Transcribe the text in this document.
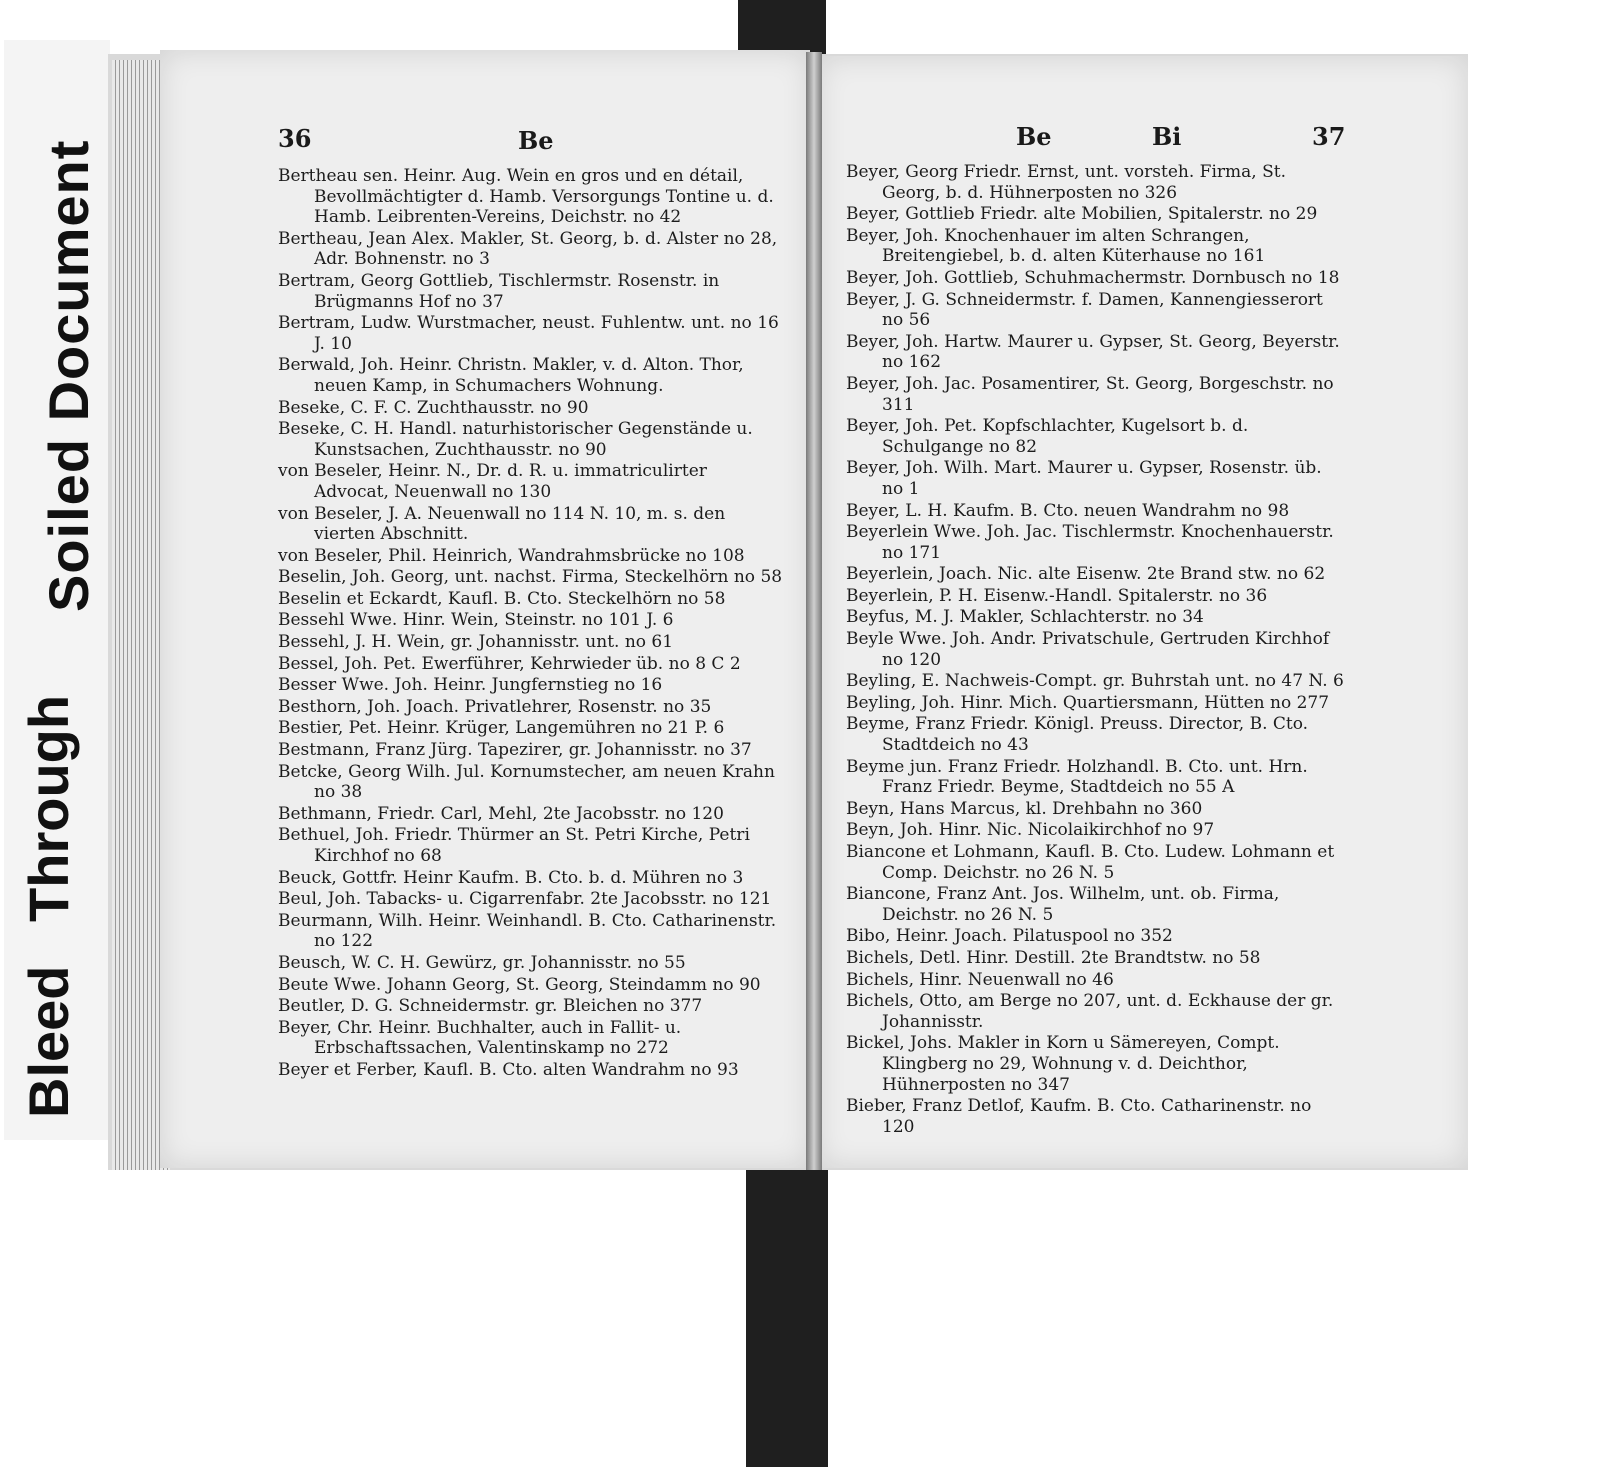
Soiled Document
Bleed Through
36	Be	Be	Bi	37
Bertheau sen. Heinr. Aug. Wein en gros und en détail, Bevollmächtigter d. Hamb. Versorgungs Tontine u. d. Hamb. Leibrenten-Vereins, Deichstr. no 42
Bertheau, Jean Alex. Makler, St. Georg, b. d. Alster no 28, Adr. Bohnenstr. no 3
Bertram, Georg Gottlieb, Tischlermstr. Rosenstr. in Brügmanns Hof no 37
Bertram, Ludw. Wurstmacher, neust. Fuhlentw. unt. no 16 J. 10
Berwald, Joh. Heinr. Christn. Makler, v. d. Alton. Thor, neuen Kamp, in Schumachers Wohnung.
Beseke, C. F. C. Zuchthausstr. no 90
Beseke, C. H. Handl. naturhistorischer Gegenstände u. Kunstsachen, Zuchthausstr. no 90
von Beseler, Heinr. N., Dr. d. R. u. immatriculirter Advocat, Neuenwall no 130
von Beseler, J. A. Neuenwall no 114 N. 10, m. s. den vierten Abschnitt.
von Beseler, Phil. Heinrich, Wandrahmsbrücke no 108
Beselin, Joh. Georg, unt. nachst. Firma, Steckelhörn no 58
Beselin et Eckardt, Kaufl. B. Cto. Steckelhörn no 58
Bessehl Wwe. Hinr. Wein, Steinstr. no 101 J. 6
Bessehl, J. H. Wein, gr. Johannisstr. unt. no 61
Bessel, Joh. Pet. Ewerführer, Kehrwieder üb. no 8 C 2
Besser Wwe. Joh. Heinr. Jungfernstieg no 16
Besthorn, Joh. Joach. Privatlehrer, Rosenstr. no 35
Bestier, Pet. Heinr. Krüger, Langemühren no 21 P. 6
Bestmann, Franz Jürg. Tapezirer, gr. Johannisstr. no 37
Betcke, Georg Wilh. Jul. Kornumstecher, am neuen Krahn no 38
Bethmann, Friedr. Carl, Mehl, 2te Jacobsstr. no 120
Bethuel, Joh. Friedr. Thürmer an St. Petri Kirche, Petri Kirchhof no 68
Beuck, Gottfr. Heinr Kaufm. B. Cto. b. d. Mühren no 3
Beul, Joh. Tabacks- u. Cigarrenfabr. 2te Jacobsstr. no 121
Beurmann, Wilh. Heinr. Weinhandl. B. Cto. Catharinenstr. no 122
Beusch, W. C. H. Gewürz, gr. Johannisstr. no 55
Beute Wwe. Johann Georg, St. Georg, Steindamm no 90
Beutler, D. G. Schneidermstr. gr. Bleichen no 377
Beyer, Chr. Heinr. Buchhalter, auch in Fallit- u. Erbschaftssachen, Valentinskamp no 272
Beyer et Ferber, Kaufl. B. Cto. alten Wandrahm no 93
Beyer, Georg Friedr. Ernst, unt. vorsteh. Firma, St. Georg, b. d. Hühnerposten no 326
Beyer, Gottlieb Friedr. alte Mobilien, Spitalerstr. no 29
Beyer, Joh. Knochenhauer im alten Schrangen, Breitengiebel, b. d. alten Küterhause no 161
Beyer, Joh. Gottlieb, Schuhmachermstr. Dornbusch no 18
Beyer, J. G. Schneidermstr. f. Damen, Kannengiesserort no 56
Beyer, Joh. Hartw. Maurer u. Gypser, St. Georg, Beyerstr. no 162
Beyer, Joh. Jac. Posamentirer, St. Georg, Borgeschstr. no 311
Beyer, Joh. Pet. Kopfschlachter, Kugelsort b. d. Schulgange no 82
Beyer, Joh. Wilh. Mart. Maurer u. Gypser, Rosenstr. üb. no 1
Beyer, L. H. Kaufm. B. Cto. neuen Wandrahm no 98
Beyerlein Wwe. Joh. Jac. Tischlermstr. Knochenhauerstr. no 171
Beyerlein, Joach. Nic. alte Eisenw. 2te Brand stw. no 62
Beyerlein, P. H. Eisenw.-Handl. Spitalerstr. no 36
Beyfus, M. J. Makler, Schlachterstr. no 34
Beyle Wwe. Joh. Andr. Privatschule, Gertruden Kirchhof no 120
Beyling, E. Nachweis-Compt. gr. Buhrstah unt. no 47 N. 6
Beyling, Joh. Hinr. Mich. Quartiersmann, Hütten no 277
Beyme, Franz Friedr. Königl. Preuss. Director, B. Cto. Stadtdeich no 43
Beyme jun. Franz Friedr. Holzhandl. B. Cto. unt. Hrn. Franz Friedr. Beyme, Stadtdeich no 55 A
Beyn, Hans Marcus, kl. Drehbahn no 360
Beyn, Joh. Hinr. Nic. Nicolaikirchhof no 97
Biancone et Lohmann, Kaufl. B. Cto. Ludew. Lohmann et Comp. Deichstr. no 26 N. 5
Biancone, Franz Ant. Jos. Wilhelm, unt. ob. Firma, Deichstr. no 26 N. 5
Bibo, Heinr. Joach. Pilatuspool no 352
Bichels, Detl. Hinr. Destill. 2te Brandtstw. no 58
Bichels, Hinr. Neuenwall no 46
Bichels, Otto, am Berge no 207, unt. d. Eckhause der gr. Johannisstr.
Bickel, Johs. Makler in Korn u Sämereyen, Compt. Klingberg no 29, Wohnung v. d. Deichthor, Hühnerposten no 347
Bieber, Franz Detlof, Kaufm. B. Cto. Catharinenstr. no 120
